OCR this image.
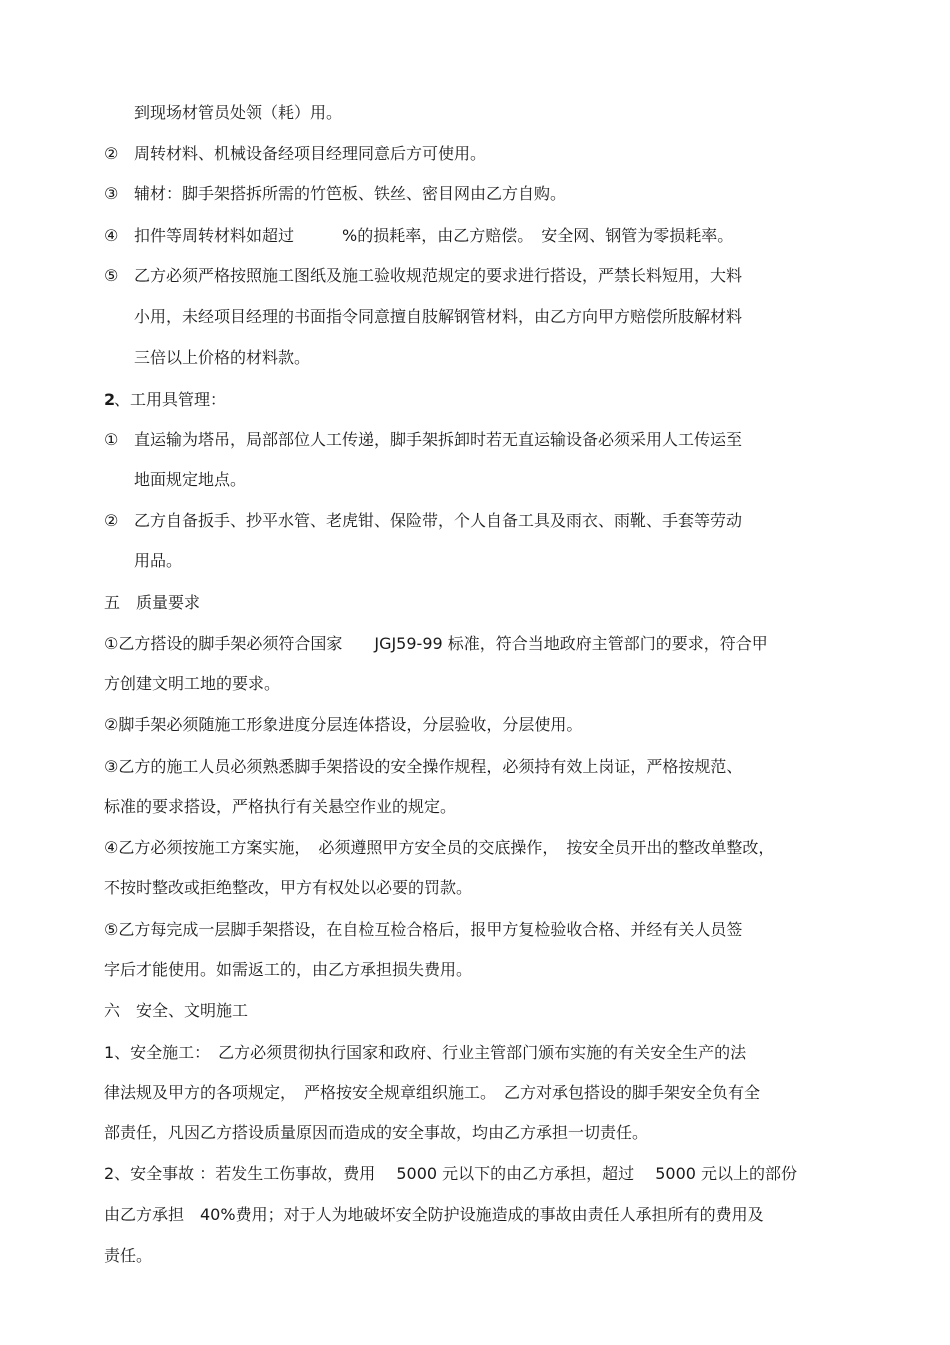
②

③

④

⑤

2

①

②

到现场材管员处领（耗）用。

周转材料、机械设备经项目经理同意后方可使用。

辅材：脚手架搭拆所需的竹笆板、铁丝、密目网由乙方自购。

扣件等周转材料如超过　　　%的损耗率，由乙方赔偿。　安全网、钢管为零损耗率。

乙方必须严格按照施工图纸及施工验收规范规定的要求进行搭设，严禁长料短用，大料

小用，未经项目经理的书面指令同意擅自肢解钢管材料，由乙方向甲方赔偿所肢解材料

三倍以上价格的材料款。

、工用具管理：

直运输为塔吊，局部部位人工传递，脚手架拆卸时若无直运输设备必须采用人工传运至

地面规定地点。

乙方自备扳手、抄平水管、老虎钳、保险带，个人自备工具及雨衣、雨靴、手套等劳动

用品。

五　质量要求

①乙方搭设的脚手架必须符合国家　　JGJ59-99 标准，符合当地政府主管部门的要求，符合甲

方创建文明工地的要求。

②脚手架必须随施工形象进度分层连体搭设，分层验收，分层使用。

③乙方的施工人员必须熟悉脚手架搭设的安全操作规程，必须持有效上岗证，严格按规范、

标准的要求搭设，严格执行有关悬空作业的规定。

④乙方必须按施工方案实施，　必须遵照甲方安全员的交底操作，　按安全员开出的整改单整改，

不按时整改或拒绝整改，甲方有权处以必要的罚款。

⑤乙方每完成一层脚手架搭设，在自检互检合格后，报甲方复检验收合格、并经有关人员签

字后才能使用。如需返工的，由乙方承担损失费用。

六　安全、文明施工

1、安全施工：　乙方必须贯彻执行国家和政府、行业主管部门颁布实施的有关安全生产的法

律法规及甲方的各项规定，　严格按安全规章组织施工。　乙方对承包搭设的脚手架安全负有全

部责任，凡因乙方搭设质量原因而造成的安全事故，均由乙方承担一切责任。

2、安全事故 ：若发生工伤事故，费用　 5000 元以下的由乙方承担，超过　 5000 元以上的部份

由乙方承担　40%费用；对于人为地破坏安全防护设施造成的事故由责任人承担所有的费用及

责任。
